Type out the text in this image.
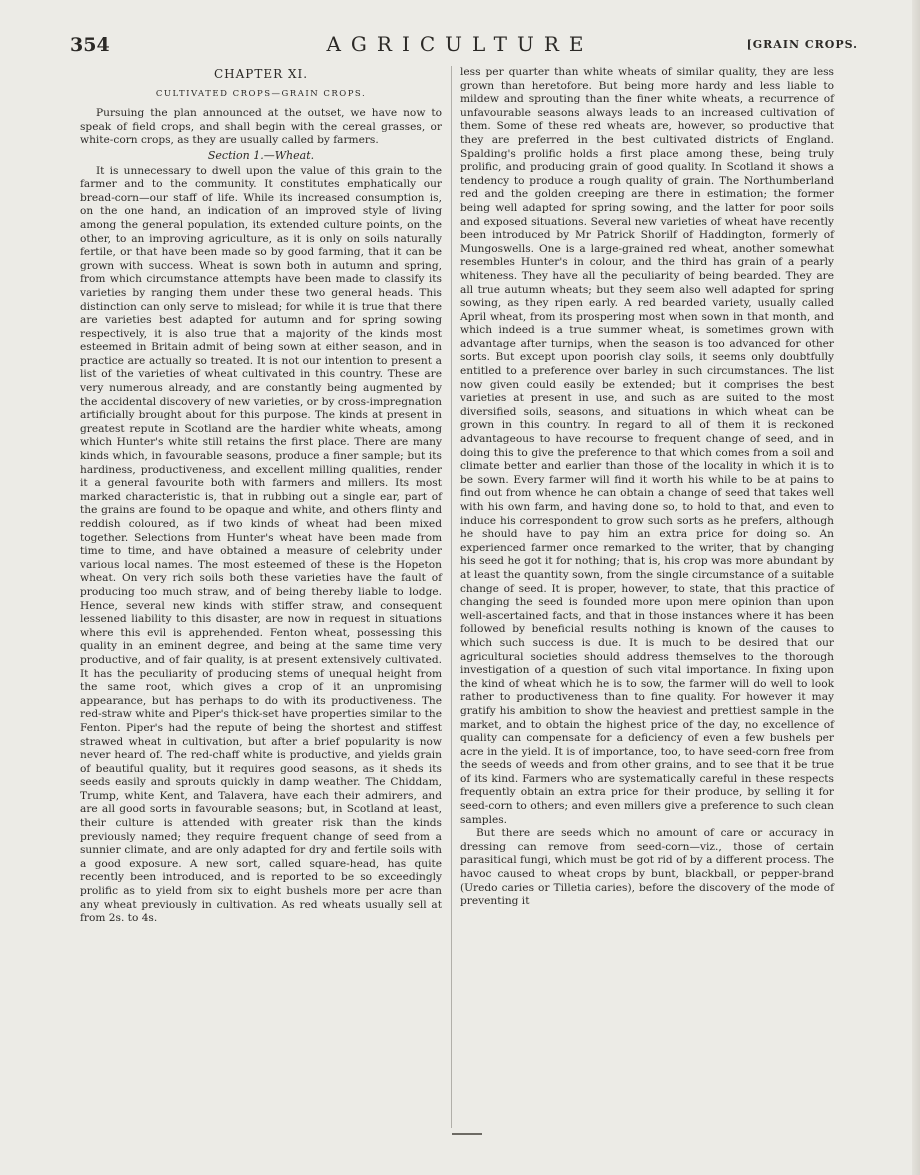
354	AGRICULTURE	[GRAIN CROPS.
CHAPTER XI.
CULTIVATED CROPS—GRAIN CROPS.

Pursuing the plan announced at the outset, we have now to speak of field crops, and shall begin with the cereal grasses, or white-corn crops, as they are usually called by farmers.

Section 1.—Wheat.

It is unnecessary to dwell upon the value of this grain to the farmer and to the community. It constitutes emphatically our bread-corn—our staff of life. While its increased consumption is, on the one hand, an indication of an improved style of living among the general population, its extended culture points, on the other, to an improving agriculture, as it is only on soils naturally fertile, or that have been made so by good farming, that it can be grown with success. Wheat is sown both in autumn and spring, from which circumstance attempts have been made to classify its varieties by ranging them under these two general heads. This distinction can only serve to mislead; for while it is true that there are varieties best adapted for autumn and for spring sowing respectively, it is also true that a majority of the kinds most esteemed in Britain admit of being sown at either season, and in practice are actually so treated. It is not our intention to present a list of the varieties of wheat cultivated in this country. These are very numerous already, and are constantly being augmented by the accidental discovery of new varieties, or by cross-impregnation artificially brought about for this purpose. The kinds at present in greatest repute in Scotland are the hardier white wheats, among which Hunter's white still retains the first place. There are many kinds which, in favourable seasons, produce a finer sample; but its hardiness, productiveness, and excellent milling qualities, render it a general favourite both with farmers and millers. Its most marked characteristic is, that in rubbing out a single ear, part of the grains are found to be opaque and white, and others flinty and reddish coloured, as if two kinds of wheat had been mixed together. Selections from Hunter's wheat have been made from time to time, and have obtained a measure of celebrity under various local names. The most esteemed of these is the Hopeton wheat. On very rich soils both these varieties have the fault of producing too much straw, and of being thereby liable to lodge. Hence, several new kinds with stiffer straw, and consequent lessened liability to this disaster, are now in request in situations where this evil is apprehended. Fenton wheat, possessing this quality in an eminent degree, and being at the same time very productive, and of fair quality, is at present extensively cultivated. It has the peculiarity of producing stems of unequal height from the same root, which gives a crop of it an unpromising appearance, but has perhaps to do with its productiveness. The red-straw white and Piper's thick-set have properties similar to the Fenton. Piper's had the repute of being the shortest and stiffest strawed wheat in cultivation, but after a brief popularity is now never heard of. The red-chaff white is productive, and yields grain of beautiful quality, but it requires good seasons, as it sheds its seeds easily and sprouts quickly in damp weather. The Chiddam, Trump, white Kent, and Talavera, have each their admirers, and are all good sorts in favourable seasons; but, in Scotland at least, their culture is attended with greater risk than the kinds previously named; they require frequent change of seed from a sunnier climate, and are only adapted for dry and fertile soils with a good exposure. A new sort, called square-head, has quite recently been introduced, and is reported to be so exceedingly prolific as to yield from six to eight bushels more per acre than any wheat previously in cultivation. As red wheats usually sell at from 2s. to 4s.

less per quarter than white wheats of similar quality, they are less grown than heretofore. But being more hardy and less liable to mildew and sprouting than the finer white wheats, a recurrence of unfavourable seasons always leads to an increased cultivation of them. Some of these red wheats are, however, so productive that they are preferred in the best cultivated districts of England. Spalding's prolific holds a first place among these, being truly prolific, and producing grain of good quality. In Scotland it shows a tendency to produce a rough quality of grain. The Northumberland red and the golden creeping are there in estimation; the former being well adapted for spring sowing, and the latter for poor soils and exposed situations. Several new varieties of wheat have recently been introduced by Mr Patrick Shorilf of Haddington, formerly of Mungoswells. One is a large-grained red wheat, another somewhat resembles Hunter's in colour, and the third has grain of a pearly whiteness. They have all the peculiarity of being bearded. They are all true autumn wheats; but they seem also well adapted for spring sowing, as they ripen early. A red bearded variety, usually called April wheat, from its prospering most when sown in that month, and which indeed is a true summer wheat, is sometimes grown with advantage after turnips, when the season is too advanced for other sorts. But except upon poorish clay soils, it seems only doubtfully entitled to a preference over barley in such circumstances. The list now given could easily be extended; but it comprises the best varieties at present in use, and such as are suited to the most diversified soils, seasons, and situations in which wheat can be grown in this country. In regard to all of them it is reckoned advantageous to have recourse to frequent change of seed, and in doing this to give the preference to that which comes from a soil and climate better and earlier than those of the locality in which it is to be sown. Every farmer will find it worth his while to be at pains to find out from whence he can obtain a change of seed that takes well with his own farm, and having done so, to hold to that, and even to induce his correspondent to grow such sorts as he prefers, although he should have to pay him an extra price for doing so. An experienced farmer once remarked to the writer, that by changing his seed he got it for nothing; that is, his crop was more abundant by at least the quantity sown, from the single circumstance of a suitable change of seed. It is proper, however, to state, that this practice of changing the seed is founded more upon mere opinion than upon well-ascertained facts, and that in those instances where it has been followed by beneficial results nothing is known of the causes to which such success is due. It is much to be desired that our agricultural societies should address themselves to the thorough investigation of a question of such vital importance. In fixing upon the kind of wheat which he is to sow, the farmer will do well to look rather to productiveness than to fine quality. For however it may gratify his ambition to show the heaviest and prettiest sample in the market, and to obtain the highest price of the day, no excellence of quality can compensate for a deficiency of even a few bushels per acre in the yield. It is of importance, too, to have seed-corn free from the seeds of weeds and from other grains, and to see that it be true of its kind. Farmers who are systematically careful in these respects frequently obtain an extra price for their produce, by selling it for seed-corn to others; and even millers give a preference to such clean samples.

But there are seeds which no amount of care or accuracy in dressing can remove from seed-corn—viz., those of certain parasitical fungi, which must be got rid of by a different process. The havoc caused to wheat crops by bunt, blackball, or pepper-brand (Uredo caries or Tilletia caries), before the discovery of the mode of preventing it
